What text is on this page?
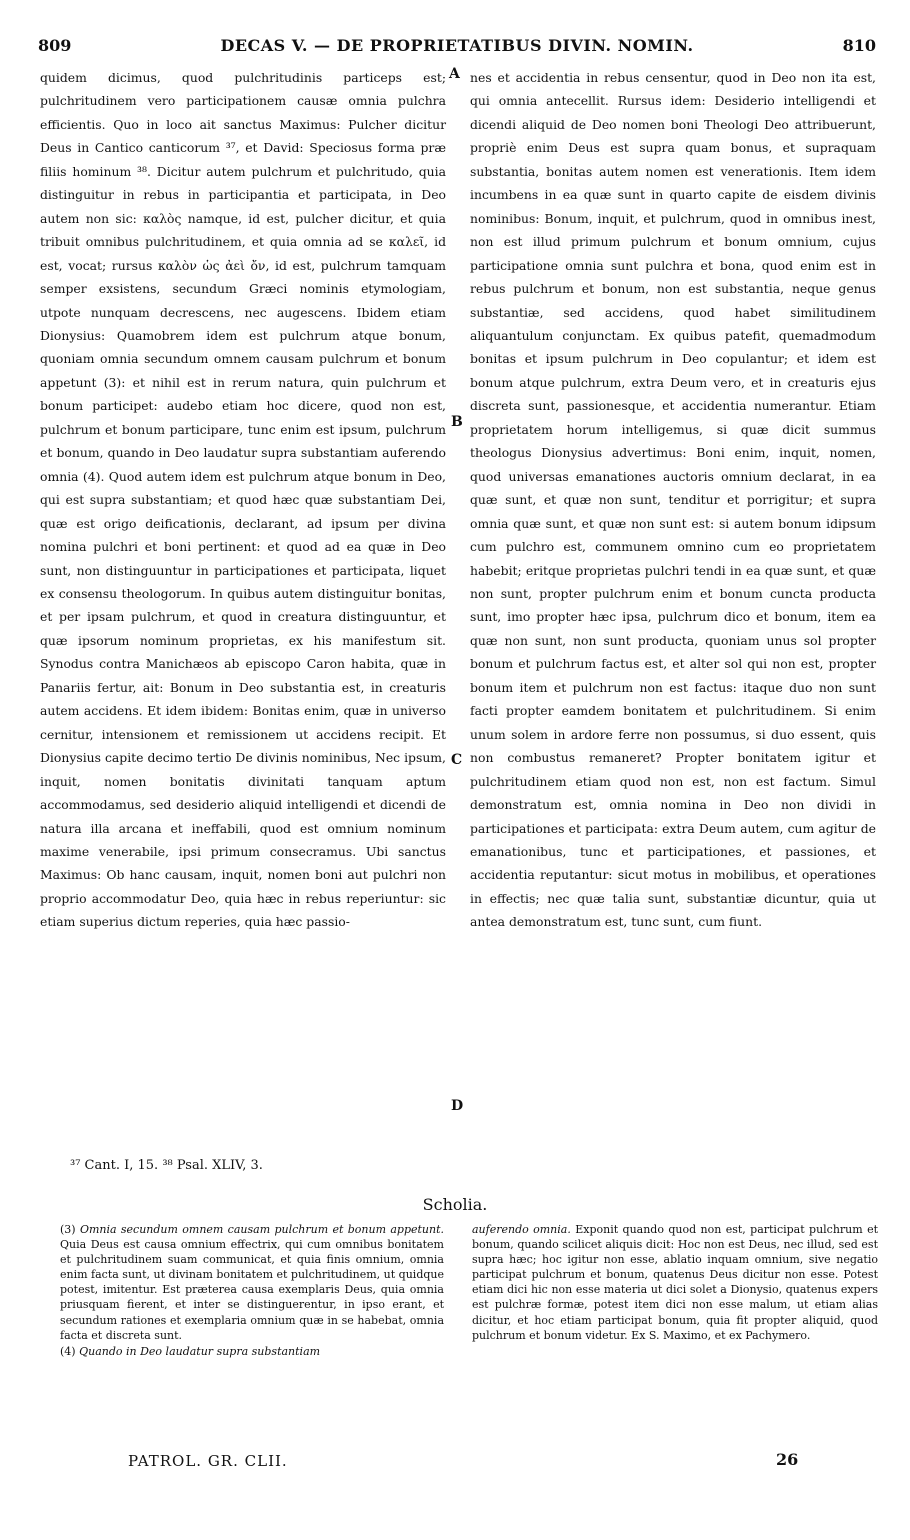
809	DECAS V. — DE PROPRIETATIBUS DIVIN. NOMIN.	810

quidem dicimus, quod pulchritudinis particeps est; pulchritudinem vero participationem causæ omnia pulchra efficientis. Quo in loco ait sanctus Maximus: Pulcher dicitur Deus in Cantico canticorum ³⁷, et David: Speciosus forma præ filiis hominum ³⁸. Dicitur autem pulchrum et pulchritudo, quia distinguitur in rebus in participantia et participata, in Deo autem non sic: καλὸς namque, id est, pulcher dicitur, et quia tribuit omnibus pulchritudinem, et quia omnia ad se καλεῖ, id est, vocat; rursus καλὸν ὡς ἀεὶ ὄν, id est, pulchrum tamquam semper exsistens, secundum Græci nominis etymologiam, utpote nunquam decrescens, nec augescens. Ibidem etiam Dionysius: Quamobrem idem est pulchrum atque bonum, quoniam omnia secundum omnem causam pulchrum et bonum appetunt (3): et nihil est in rerum natura, quin pulchrum et bonum participet: audebo etiam hoc dicere, quod non est, pulchrum et bonum participare, tunc enim est ipsum, pulchrum et bonum, quando in Deo laudatur supra substantiam auferendo omnia (4). Quod autem idem est pulchrum atque bonum in Deo, qui est supra substantiam; et quod hæc quæ substantiam Dei, quæ est origo deificationis, declarant, ad ipsum per divina nomina pulchri et boni pertinent: et quod ad ea quæ in Deo sunt, non distinguuntur in participationes et participata, liquet ex consensu theologorum. In quibus autem distinguitur bonitas, et per ipsam pulchrum, et quod in creatura distinguuntur, et quæ ipsorum nominum proprietas, ex his manifestum sit. Synodus contra Manichæos ab episcopo Caron habita, quæ in Panariis fertur, ait: Bonum in Deo substantia est, in creaturis autem accidens. Et idem ibidem: Bonitas enim, quæ in universo cernitur, intensionem et remissionem ut accidens recipit. Et Dionysius capite decimo tertio De divinis nominibus, Nec ipsum, inquit, nomen bonitatis divinitati tanquam aptum accommodamus, sed desiderio aliquid intelligendi et dicendi de natura illa arcana et ineffabili, quod est omnium nominum maxime venerabile, ipsi primum consecramus. Ubi sanctus Maximus: Ob hanc causam, inquit, nomen boni aut pulchri non proprio accommodatur Deo, quia hæc in rebus reperiuntur: sic etiam superius dictum reperies, quia hæc passio-

nes et accidentia in rebus censentur, quod in Deo non ita est, qui omnia antecellit. Rursus idem: Desiderio intelligendi et dicendi aliquid de Deo nomen boni Theologi Deo attribuerunt, propriè enim Deus est supra quam bonus, et supraquam substantia, bonitas autem nomen est venerationis. Item idem incumbens in ea quæ sunt in quarto capite de eisdem divinis nominibus: Bonum, inquit, et pulchrum, quod in omnibus inest, non est illud primum pulchrum et bonum omnium, cujus participatione omnia sunt pulchra et bona, quod enim est in rebus pulchrum et bonum, non est substantia, neque genus substantiæ, sed accidens, quod habet similitudinem aliquantulum conjunctam. Ex quibus patefit, quemadmodum bonitas et ipsum pulchrum in Deo copulantur; et idem est bonum atque pulchrum, extra Deum vero, et in creaturis ejus discreta sunt, passionesque, et accidentia numerantur. Etiam proprietatem horum intelligemus, si quæ dicit summus theologus Dionysius advertimus: Boni enim, inquit, nomen, quod universas emanationes auctoris omnium declarat, in ea quæ sunt, et quæ non sunt, tenditur et porrigitur; et supra omnia quæ sunt, et quæ non sunt est: si autem bonum idipsum cum pulchro est, communem omnino cum eo proprietatem habebit; eritque proprietas pulchri tendi in ea quæ sunt, et quæ non sunt, propter pulchrum enim et bonum cuncta producta sunt, imo propter hæc ipsa, pulchrum dico et bonum, item ea quæ non sunt, non sunt producta, quoniam unus sol propter bonum et pulchrum factus est, et alter sol qui non est, propter bonum item et pulchrum non est factus: itaque duo non sunt facti propter eamdem bonitatem et pulchritudinem. Si enim unum solem in ardore ferre non possumus, si duo essent, quis non combustus remaneret? Propter bonitatem igitur et pulchritudinem etiam quod non est, non est factum. Simul demonstratum est, omnia nomina in Deo non dividi in participationes et participata: extra Deum autem, cum agitur de emanationibus, tunc et participationes, et passiones, et accidentia reputantur: sicut motus in mobilibus, et operationes in effectis; nec quæ talia sunt, substantiæ dicuntur, quia ut antea demonstratum est, tunc sunt, cum fiunt.

A
B
C
D
³⁷ Cant. I, 15. ³⁸ Psal. XLIV, 3.
Scholia.

(3) Omnia secundum omnem causam pulchrum et bonum appetunt. Quia Deus est causa omnium effectrix, qui cum omnibus bonitatem et pulchritudinem suam communicat, et quia finis omnium, omnia enim facta sunt, ut divinam bonitatem et pulchritudinem, ut quidque potest, imitentur. Est præterea causa exemplaris Deus, quia omnia priusquam fierent, et inter se distinguerentur, in ipso erant, et secundum rationes et exemplaria omnium quæ in se habebat, omnia facta et discreta sunt.

(4) Quando in Deo laudatur supra substantiam

auferendo omnia. Exponit quando quod non est, participat pulchrum et bonum, quando scilicet aliquis dicit: Hoc non est Deus, nec illud, sed est supra hæc; hoc igitur non esse, ablatio inquam omnium, sive negatio participat pulchrum et bonum, quatenus Deus dicitur non esse. Potest etiam dici hic non esse materia ut dici solet a Dionysio, quatenus expers est pulchræ formæ, potest item dici non esse malum, ut etiam alias dicitur, et hoc etiam participat bonum, quia fit propter aliquid, quod pulchrum et bonum videtur. Ex S. Maximo, et ex Pachymero.

PATROL. GR. CLII.	26
